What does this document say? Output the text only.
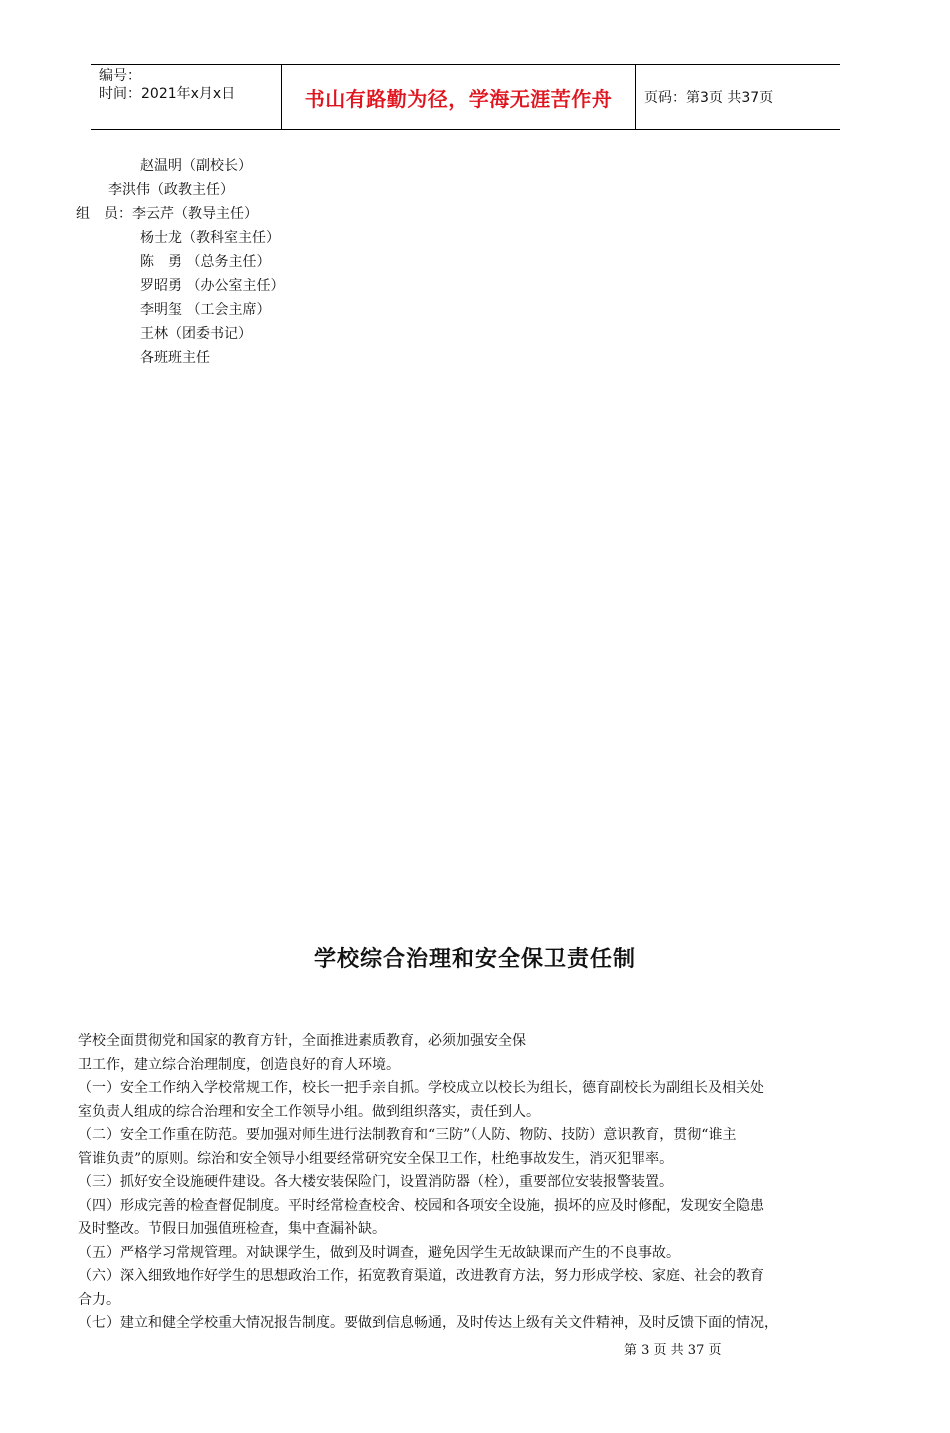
编号：
时间：2021年x月x日	书山有路勤为径，学海无涯苦作舟	页码：第3页 共37页
赵温明（副校长）
李洪伟（政教主任）
组　员：李云芹（教导主任）
杨士龙（教科室主任）
陈　勇 （总务主任）
罗昭勇 （办公室主任）
李明玺 （工会主席）
王林（团委书记）
各班班主任
学校综合治理和安全保卫责任制
学校全面贯彻党和国家的教育方针，全面推进素质教育，必须加强安全保
卫工作，建立综合治理制度，创造良好的育人环境。
（一）安全工作纳入学校常规工作，校长一把手亲自抓。学校成立以校长为组长，德育副校长为副组长及相关处
室负责人组成的综合治理和安全工作领导小组。做到组织落实，责任到人。
（二）安全工作重在防范。要加强对师生进行法制教育和“三防”（人防、物防、技防）意识教育，贯彻“谁主
管谁负责”的原则。综治和安全领导小组要经常研究安全保卫工作，杜绝事故发生，消灭犯罪率。
（三）抓好安全设施硬件建设。各大楼安装保险门，设置消防器（栓），重要部位安装报警装置。
（四）形成完善的检查督促制度。平时经常检查校舍、校园和各项安全设施，损坏的应及时修配，发现安全隐患
及时整改。节假日加强值班检查，集中查漏补缺。
（五）严格学习常规管理。对缺课学生，做到及时调查，避免因学生无故缺课而产生的不良事故。
（六）深入细致地作好学生的思想政治工作，拓宽教育渠道，改进教育方法，努力形成学校、家庭、社会的教育
合力。
（七）建立和健全学校重大情况报告制度。要做到信息畅通，及时传达上级有关文件精神，及时反馈下面的情况，
第 3 页 共 37 页
